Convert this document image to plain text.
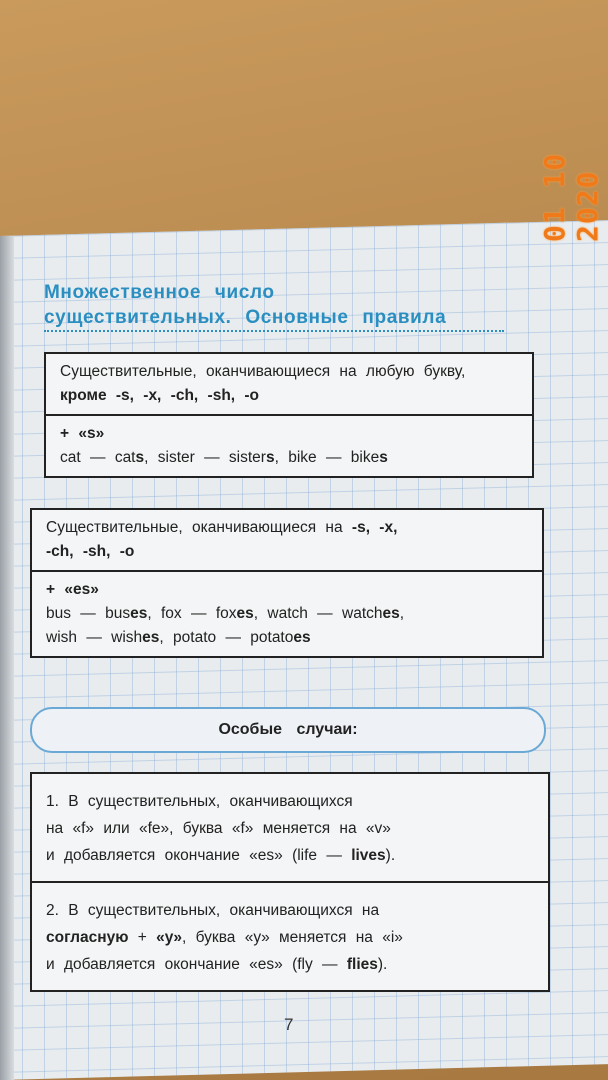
01 10 2020
Множественное число
существительных. Основные правила
Существительные, оканчивающиеся на любую букву, кроме -s, -x, -ch, -sh, -o
+ «s»
cat — cats, sister — sisters, bike — bikes
Существительные, оканчивающиеся на -s, -x,
-ch, -sh, -o
+ «es»
bus — buses, fox — foxes, watch — watches,
wish — wishes, potato — potatoes
Особые случаи:
1. В существительных, оканчивающихся
на «f» или «fe», буква «f» меняется на «v»
и добавляется окончание «es» (life — lives).
2. В существительных, оканчивающихся на
согласную + «y», буква «y» меняется на «i»
и добавляется окончание «es» (fly — flies).
7
